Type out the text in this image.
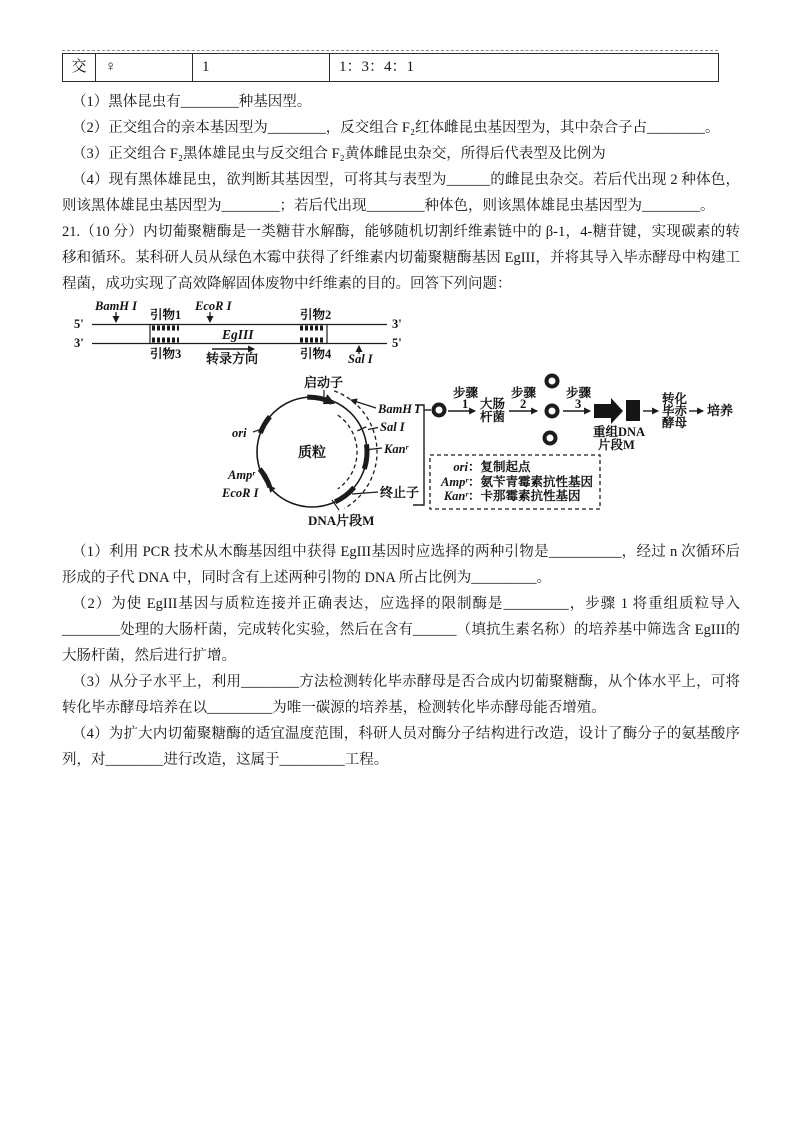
交	♀	1	1：3：4：1

（1）黑体昆虫有________种基因型。

（2）正交组合的亲本基因型为________，反交组合 F₂红体雌昆虫基因型为，其中杂合子占________。

（3）正交组合 F₂黑体雄昆虫与反交组合 F₂黄体雌昆虫杂交，所得后代表型及比例为

（4）现有黑体雄昆虫，欲判断其基因型，可将其与表型为______的雌昆虫杂交。若后代出现 2 种体色，则该黑体雄昆虫基因型为________；若后代出现________种体色，则该黑体雄昆虫基因型为________。

21.（10 分）内切葡聚糖酶是一类糖苷水解酶，能够随机切割纤维素链中的 β-1，4-糖苷键，实现碳素的转移和循环。某科研人员从绿色木霉中获得了纤维素内切葡聚糖酶基因 EgIII，并将其导入毕赤酵母中构建工程菌，成功实现了高效降解固体废物中纤维素的目的。回答下列问题：

BamH I	EcoR I
5'	3'
3'	5'
引物1	引物2
EgIII
引物3	引物4
转录方向	Sal I
启动子
质粒
ori
Ampʳ
EcoR I
BamH I
Sal I
Kanʳ
终止子
DNA片段M
步骤
1 大肠
杆菌
步骤
2
步骤
3
重组DNA
片段M
转化
毕赤
酵母
培养
ori ：复制起点
Ampʳ ：氨苄青霉素抗性基因
Kanʳ ：卡那霉素抗性基因

（1）利用 PCR 技术从木酶基因组中获得 EgIII基因时应选择的两种引物是__________，经过 n 次循环后形成的子代 DNA 中，同时含有上述两种引物的 DNA 所占比例为_________。

（2）为使 EgIII基因与质粒连接并正确表达，应选择的限制酶是_________，步骤 1 将重组质粒导入________处理的大肠杆菌，完成转化实验，然后在含有______（填抗生素名称）的培养基中筛选含 EgIII的大肠杆菌，然后进行扩增。

（3）从分子水平上，利用________方法检测转化毕赤酵母是否合成内切葡聚糖酶，从个体水平上，可将转化毕赤酵母培养在以_________为唯一碳源的培养基，检测转化毕赤酵母能否增殖。

（4）为扩大内切葡聚糖酶的适宜温度范围，科研人员对酶分子结构进行改造，设计了酶分子的氨基酸序列，对________进行改造，这属于_________工程。
